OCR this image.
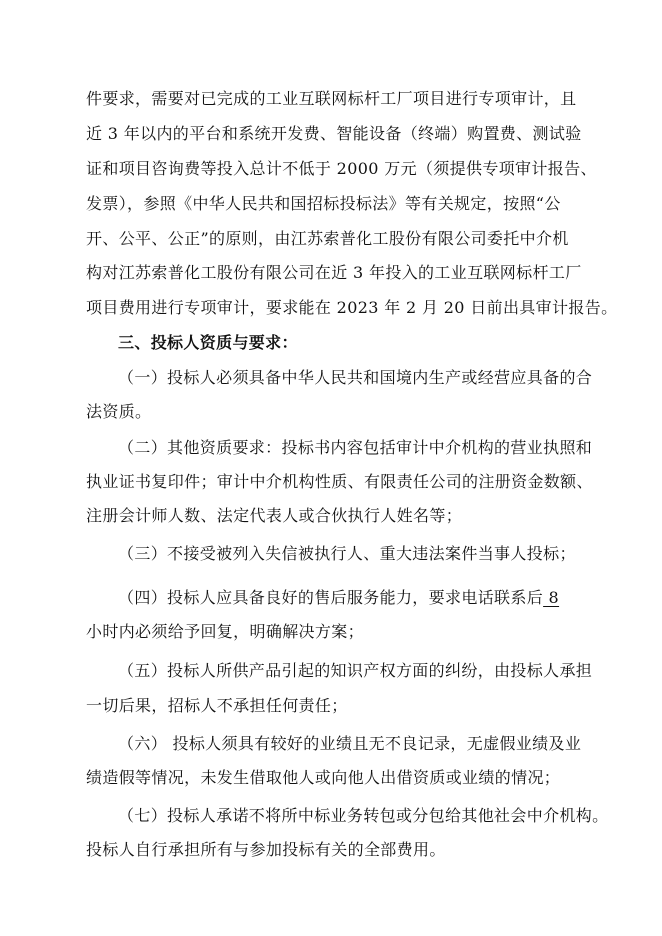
件要求，需要对已完成的工业互联网标杆工厂项目进行专项审计，且
近 3 年以内的平台和系统开发费、智能设备（终端）购置费、测试验
证和项目咨询费等投入总计不低于 2000 万元（须提供专项审计报告、
发票），参照《中华人民共和国招标投标法》等有关规定，按照“公
开、公平、公正”的原则，由江苏索普化工股份有限公司委托中介机
构对江苏索普化工股份有限公司在近 3 年投入的工业互联网标杆工厂
项目费用进行专项审计，要求能在 2023 年 2 月 20 日前出具审计报告。
三、投标人资质与要求：
（一）投标人必须具备中华人民共和国境内生产或经营应具备的合
法资质。
（二）其他资质要求：投标书内容包括审计中介机构的营业执照和
执业证书复印件；审计中介机构性质、有限责任公司的注册资金数额、
注册会计师人数、法定代表人或合伙执行人姓名等；
（三）不接受被列入失信被执行人、重大违法案件当事人投标；
（四）投标人应具备良好的售后服务能力，要求电话联系后 8
小时内必须给予回复，明确解决方案；
（五）投标人所供产品引起的知识产权方面的纠纷，由投标人承担
一切后果，招标人不承担任何责任；
（六） 投标人须具有较好的业绩且无不良记录，无虚假业绩及业
绩造假等情况，未发生借取他人或向他人出借资质或业绩的情况；
（七）投标人承诺不将所中标业务转包或分包给其他社会中介机构。
投标人自行承担所有与参加投标有关的全部费用。
